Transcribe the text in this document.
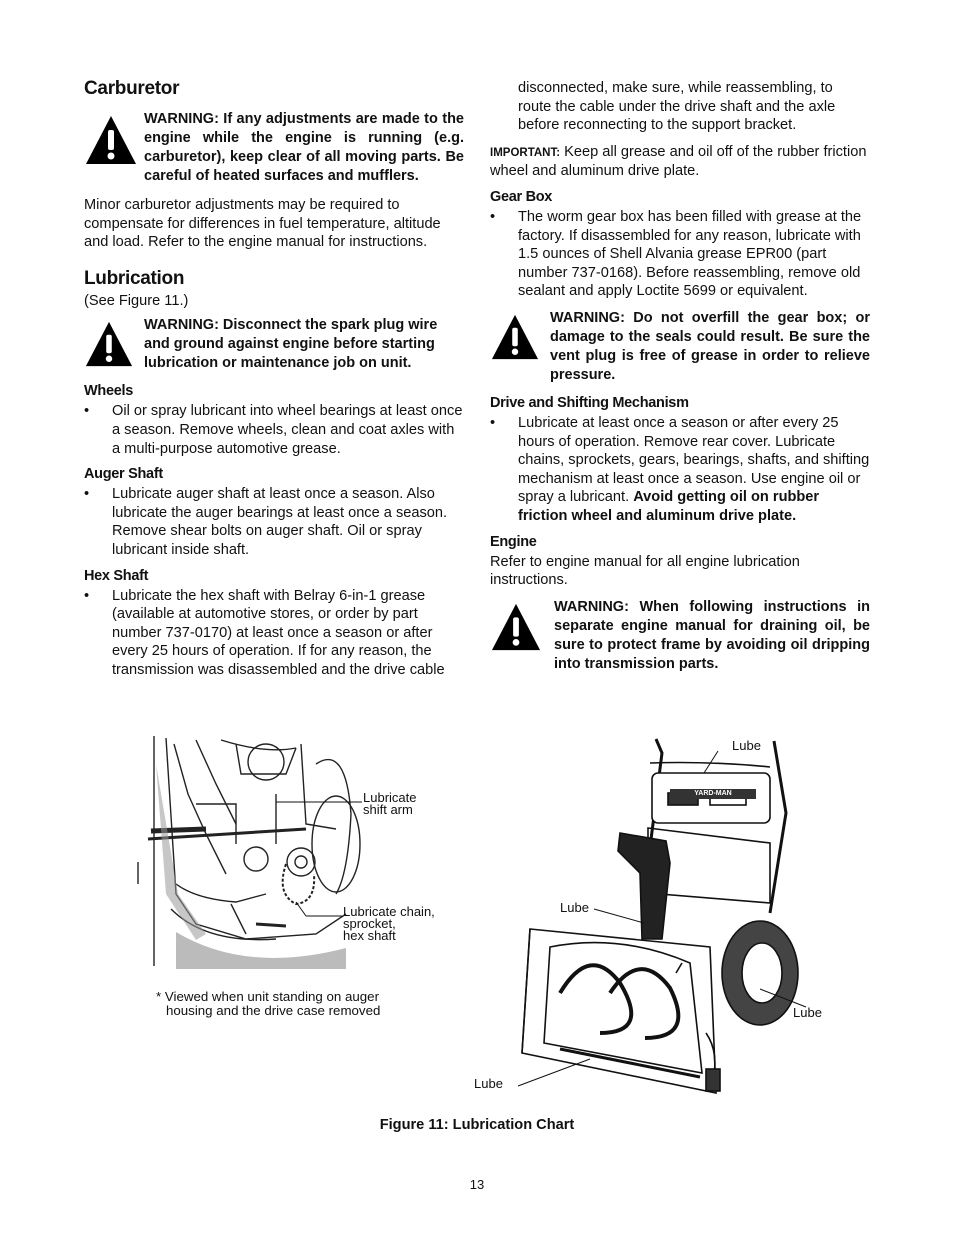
Carburetor
WARNING: If any adjustments are made to the engine while the engine is running (e.g. carburetor), keep clear of all moving parts. Be careful of heated surfaces and mufflers.

Minor carburetor adjustments may be required to compensate for differences in fuel temperature, altitude and load. Refer to the engine manual for instructions.

Lubrication

(See Figure 11.)

WARNING: Disconnect the spark plug wire and ground against engine before starting lubrication or maintenance job on unit.
Wheels
• Oil or spray lubricant into wheel bearings at least once a season. Remove wheels, clean and coat axles with a multi-purpose automotive grease.
Auger Shaft
• Lubricate auger shaft at least once a season. Also lubricate the auger bearings at least once a season. Remove shear bolts on auger shaft. Oil or spray lubricant inside shaft.
Hex Shaft
• Lubricate the hex shaft with Belray 6-in-1 grease (available at automotive stores, or order by part number 737-0170) at least once a season or after every 25 hours of operation. If for any reason, the transmission was disassembled and the drive cable

disconnected, make sure, while reassembling, to route the cable under the drive shaft and the axle before reconnecting to the support bracket.

IMPORTANT: Keep all grease and oil off of the rubber friction wheel and aluminum drive plate.

Gear Box
• The worm gear box has been filled with grease at the factory. If disassembled for any reason, lubricate with 1.5 ounces of Shell Alvania grease EPR00 (part number 737-0168). Before reassembling, remove old sealant and apply Loctite 5699 or equivalent.
WARNING: Do not overfill the gear box; or damage to the seals could result. Be sure the vent plug is free of grease in order to relieve pressure.
Drive and Shifting Mechanism
• Lubricate at least once a season or after every 25 hours of operation. Remove rear cover. Lubricate chains, sprockets, gears, bearings, shafts, and shifting mechanism at least once a season. Use engine oil or spray a lubricant. Avoid getting oil on rubber friction wheel and aluminum drive plate.
Engine

Refer to engine manual for all engine lubrication instructions.

WARNING: When following instructions in separate engine manual for draining oil, be sure to protect frame by avoiding oil dripping into transmission parts.
Lubricate
shift arm
Lubricate chain,
sprocket,
hex shaft
* Viewed when unit standing on auger
housing and the drive case removed
YARD-MAN
Lube
Lube
Lube
Lube
Figure 11: Lubrication Chart
13
